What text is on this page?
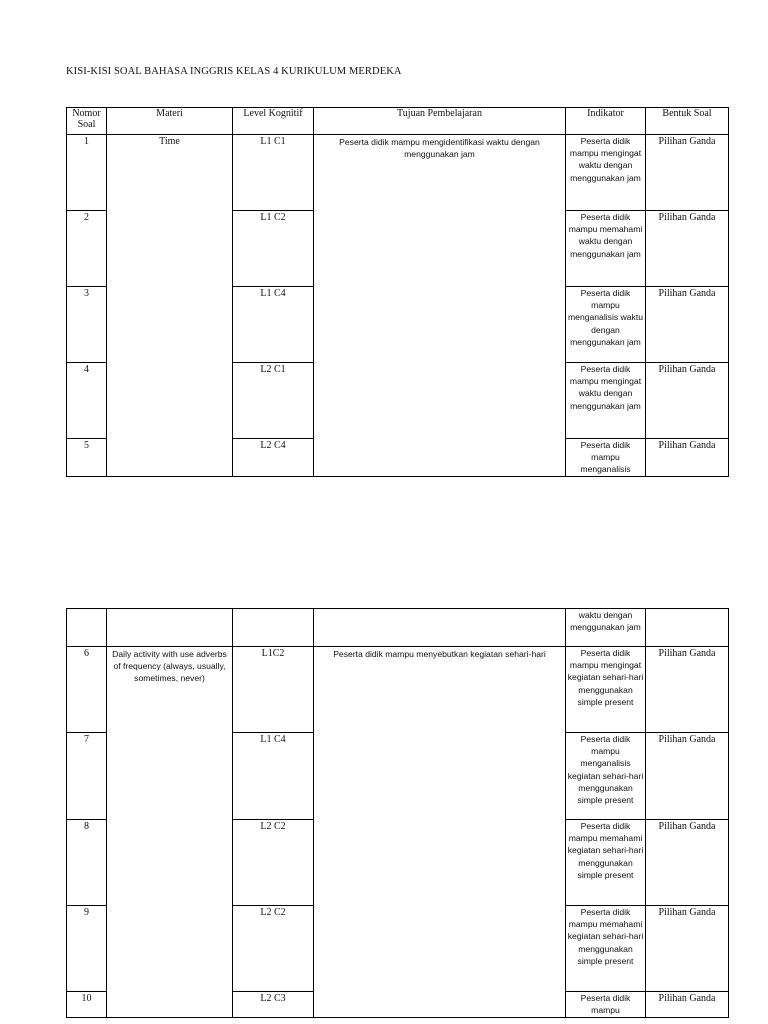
KISI-KISI SOAL BAHASA INGGRIS KELAS 4 KURIKULUM MERDEKA
Nomor Soal	Materi	Level Kognitif	Tujuan Pembelajaran	Indikator	Bentuk Soal
1	Time	L1 C1	Peserta didik mampu mengidentifikasi waktu dengan menggunakan jam	Peserta didik mampu mengingat waktu dengan menggunakan jam	Pilihan Ganda
2		L1 C2		Peserta didik mampu memahami waktu dengan menggunakan jam	Pilihan Ganda
3		L1 C4		Peserta didik mampu menganalisis waktu dengan menggunakan jam	Pilihan Ganda
4		L2 C1		Peserta didik mampu mengingat waktu dengan menggunakan jam	Pilihan Ganda
5		L2 C4		Peserta didik mampu menganalisis	Pilihan Ganda
				waktu dengan menggunakan jam	
6	Daily activity with use adverbs of frequency (always, usually, sometimes, never)	L1C2	Peserta didik mampu menyebutkan kegiatan sehari-hari	Peserta didik mampu mengingat kegiatan sehari-hari menggunakan simple present	Pilihan Ganda
7		L1 C4		Peserta didik mampu menganalisis kegiatan sehari-hari menggunakan simple present	Pilihan Ganda
8		L2 C2		Peserta didik mampu memahami kegiatan sehari-hari menggunakan simple present	Pilihan Ganda
9		L2 C2		Peserta didik mampu memahami kegiatan sehari-hari menggunakan simple present	Pilihan Ganda
10		L2 C3		Peserta didik mampu	Pilihan Ganda
